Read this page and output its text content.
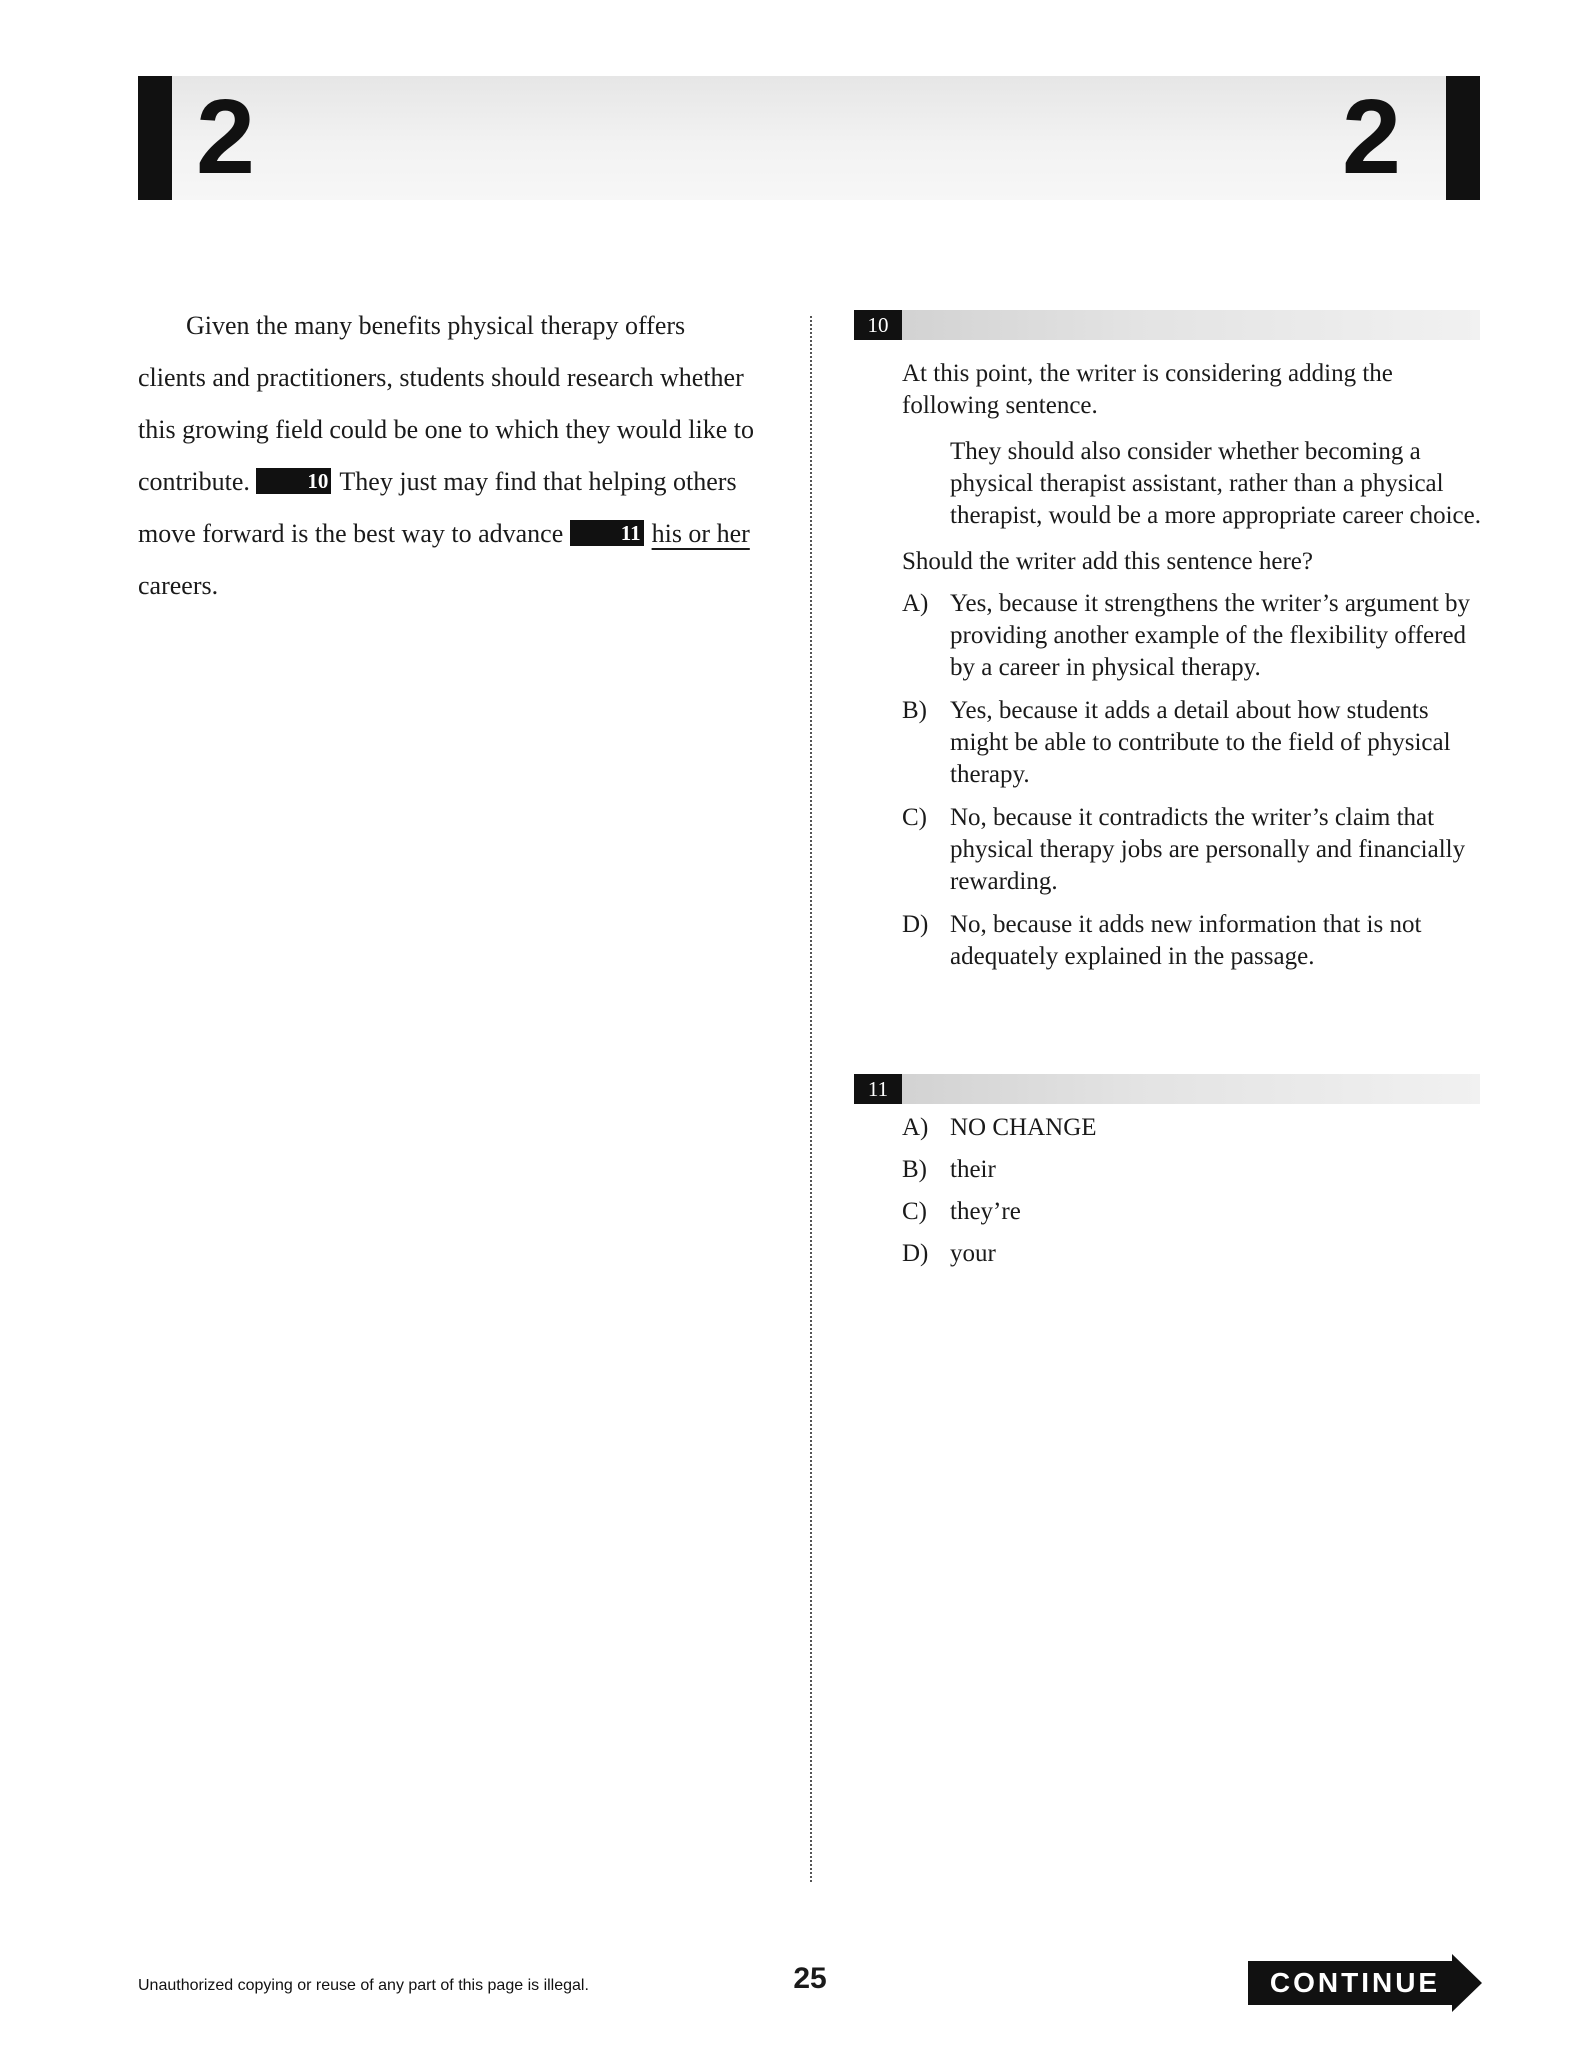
2	2

Given the many benefits physical therapy offers clients and practitioners, students should research whether this growing field could be one to which they would like to contribute.	10 They just may find that helping others move forward is the best way to advance	11 his or her careers.

10

At this point, the writer is considering adding the following sentence.

They should also consider whether becoming a physical therapist assistant, rather than a physical therapist, would be a more appropriate career choice.

Should the writer add this sentence here?

A) Yes, because it strengthens the writer’s argument by providing another example of the flexibility offered by a career in physical therapy.
B) Yes, because it adds a detail about how students might be able to contribute to the field of physical therapy.
C) No, because it contradicts the writer’s claim that physical therapy jobs are personally and financially rewarding.
D) No, because it adds new information that is not adequately explained in the passage.
11
A) NO CHANGE
B) their
C) they’re
D) your
Unauthorized copying or reuse of any part of this page is illegal.	25	CONTINUE
